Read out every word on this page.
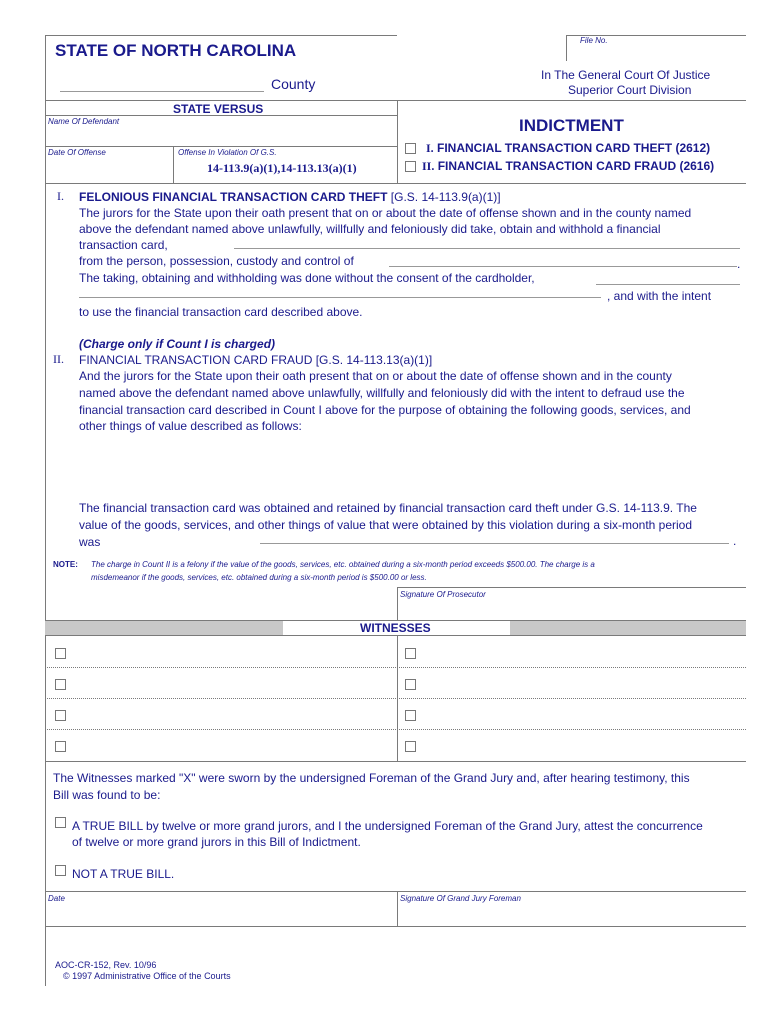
File No.
STATE OF NORTH CAROLINA
County
In The General Court Of Justice
Superior Court Division
STATE VERSUS
Name Of Defendant
Date Of Offense	Offense In Violation Of G.S.
14-113.9(a)(1),14-113.13(a)(1)
INDICTMENT
I. FINANCIAL TRANSACTION CARD THEFT (2612)
II. FINANCIAL TRANSACTION CARD FRAUD (2616)
I. FELONIOUS FINANCIAL TRANSACTION CARD THEFT [G.S. 14-113.9(a)(1)]
The jurors for the State upon their oath present that on or about the date of offense shown and in the county named
above the defendant named above unlawfully, willfully and feloniously did take, obtain and withhold a financial
transaction card,
from the person, possession, custody and control of	.
The taking, obtaining and withholding was done without the consent of the cardholder,
, and with the intent
to use the financial transaction card described above.
(Charge only if Count I is charged)
II. FINANCIAL TRANSACTION CARD FRAUD [G.S. 14-113.13(a)(1)]
And the jurors for the State upon their oath present that on or about the date of offense shown and in the county
named above the defendant named above unlawfully, willfully and feloniously did with the intent to defraud use the
financial transaction card described in Count I above for the purpose of obtaining the following goods, services, and
other things of value described as follows:
The financial transaction card was obtained and retained by financial transaction card theft under G.S. 14-113.9. The
value of the goods, services, and other things of value that were obtained by this violation during a six-month period
was	.
NOTE: The charge in Count II is a felony if the value of the goods, services, etc. obtained during a six-month period exceeds $500.00. The charge is a
misdemeanor if the goods, services, etc. obtained during a six-month period is $500.00 or less.
Signature Of Prosecutor
WITNESSES
The Witnesses marked "X" were sworn by the undersigned Foreman of the Grand Jury and, after hearing testimony, this
Bill was found to be:
A TRUE BILL by twelve or more grand jurors, and I the undersigned Foreman of the Grand Jury, attest the concurrence
of twelve or more grand jurors in this Bill of Indictment.
NOT A TRUE BILL.
Date	Signature Of Grand Jury Foreman
AOC-CR-152, Rev. 10/96
© 1997 Administrative Office of the Courts
